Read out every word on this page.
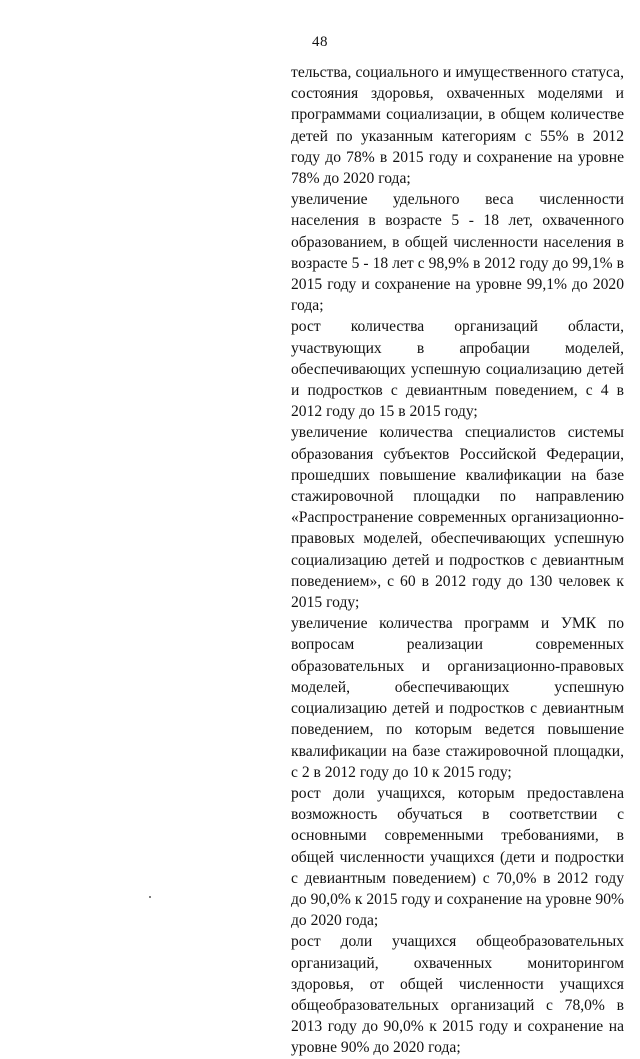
48

тельства, социального и имущественного статуса, состояния здоровья, охваченных моделями и программами социализации, в общем количестве детей по указанным категориям с 55% в 2012 году до 78% в 2015 году и сохранение на уровне 78% до 2020 года;

увеличение удельного веса численности населения в возрасте 5 - 18 лет, охваченного образованием, в общей численности населения в возрасте 5 - 18 лет с 98,9% в 2012 году до 99,1% в 2015 году и сохранение на уровне 99,1% до 2020 года;

рост количества организаций области, участвующих в апробации моделей, обеспечивающих успешную социализацию детей и подростков с девиантным поведением, с 4 в 2012 году до 15 в 2015 году;

увеличение количества специалистов системы образования субъектов Российской Федерации, прошедших повышение квалификации на базе стажировочной площадки по направлению «Распространение современных организационно-правовых моделей, обеспечивающих успешную социализацию детей и подростков с девиантным поведением», с 60 в 2012 году до 130 человек к 2015 году;

увеличение количества программ и УМК по вопросам реализации современных образовательных и организационно-правовых моделей, обеспечивающих успешную социализацию детей и подростков с девиантным поведением, по которым ведется повышение квалификации на базе стажировочной площадки, с 2 в 2012 году до 10 к 2015 году;

рост доли учащихся, которым предоставлена возможность обучаться в соответствии с основными современными требованиями, в общей численности учащихся (дети и подростки с девиантным поведением) с 70,0% в 2012 году до 90,0% к 2015 году и сохранение на уровне 90% до 2020 года;

рост доли учащихся общеобразовательных организаций, охваченных мониторингом здоровья, от общей численности учащихся общеобразовательных организаций с 78,0% в 2013 году до 90,0% к 2015 году и сохранение на уровне 90% до 2020 года;
